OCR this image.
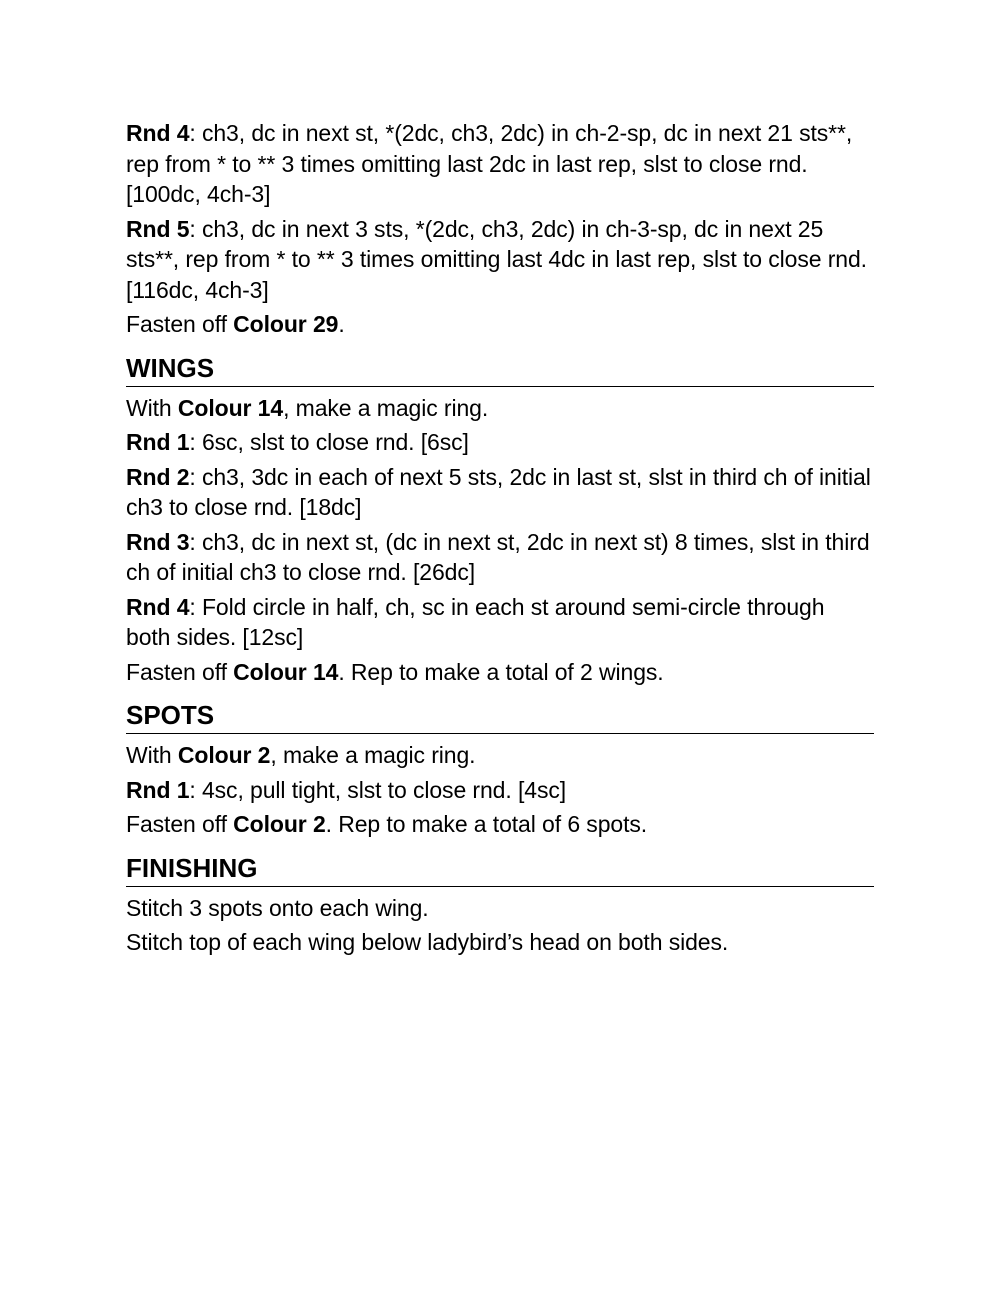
Rnd 4: ch3, dc in next st, *(2dc, ch3, 2dc) in ch-2-sp, dc in next 21 sts**, rep from * to ** 3 times omitting last 2dc in last rep, slst to close rnd. [100dc, 4ch-3]

Rnd 5: ch3, dc in next 3 sts, *(2dc, ch3, 2dc) in ch-3-sp, dc in next 25 sts**, rep from * to ** 3 times omitting last 4dc in last rep, slst to close rnd. [116dc, 4ch-3]

Fasten off Colour 29.

WINGS

With Colour 14, make a magic ring.

Rnd 1: 6sc, slst to close rnd. [6sc]

Rnd 2: ch3, 3dc in each of next 5 sts, 2dc in last st, slst in third ch of initial ch3 to close rnd. [18dc]

Rnd 3: ch3, dc in next st, (dc in next st, 2dc in next st) 8 times, slst in third ch of initial ch3 to close rnd. [26dc]

Rnd 4: Fold circle in half, ch, sc in each st around semi-circle through both sides. [12sc]

Fasten off Colour 14. Rep to make a total of 2 wings.

SPOTS

With Colour 2, make a magic ring.

Rnd 1: 4sc, pull tight, slst to close rnd. [4sc]

Fasten off Colour 2. Rep to make a total of 6 spots.

FINISHING

Stitch 3 spots onto each wing.

Stitch top of each wing below ladybird’s head on both sides.
